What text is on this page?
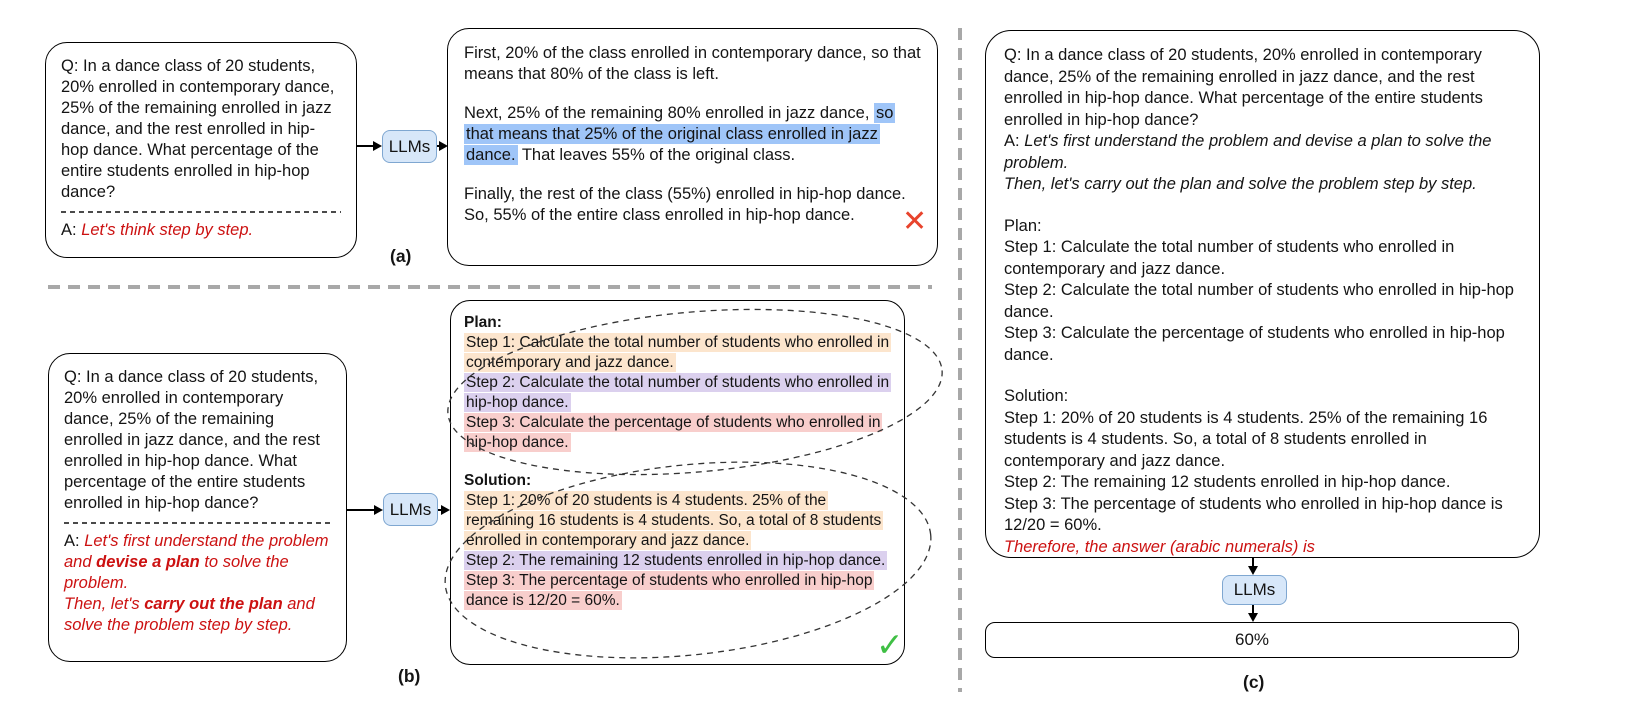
Q: In a dance class of 20 students, 20% enrolled in contemporary dance, 25% of the remaining enrolled in jazz dance, and the rest enrolled in hip-hop dance. What percentage of the entire students enrolled in hip-hop dance?

A: Let's think step by step.

LLMs

First, 20% of the class enrolled in contemporary dance, so that means that 80% of the class is left.

Next, 25% of the remaining 80% enrolled in jazz dance, so that means that 25% of the original class enrolled in jazz dance. That leaves 55% of the original class.

Finally, the rest of the class (55%) enrolled in hip-hop dance. So, 55% of the entire class enrolled in hip-hop dance.	✕
(a)

Q: In a dance class of 20 students, 20% enrolled in contemporary dance, 25% of the remaining enrolled in jazz dance, and the rest enrolled in hip-hop dance. What percentage of the entire students enrolled in hip-hop dance?

A: Let's first understand the problem and devise a plan to solve the problem.

Then, let's carry out the plan and solve the problem step by step.

LLMs

Plan:

Step 1: Calculate the total number of students who enrolled in contemporary and jazz dance.
Step 2: Calculate the total number of students who enrolled in hip-hop dance.
Step 3: Calculate the percentage of students who enrolled in hip-hop dance.

Solution:

Step 1: 20% of 20 students is 4 students. 25% of the remaining 16 students is 4 students. So, a total of 8 students enrolled in contemporary and jazz dance.
Step 2: The remaining 12 students enrolled in hip-hop dance.
Step 3: The percentage of students who enrolled in hip-hop dance is 12/20 = 60%.
✓
(b)

Q: In a dance class of 20 students, 20% enrolled in contemporary dance, 25% of the remaining enrolled in jazz dance, and the rest enrolled in hip-hop dance. What percentage of the entire students enrolled in hip-hop dance?

A: Let's first understand the problem and devise a plan to solve the problem.

Then, let's carry out the plan and solve the problem step by step.

Plan:

Step 1: Calculate the total number of students who enrolled in contemporary and jazz dance.

Step 2: Calculate the total number of students who enrolled in hip-hop dance.

Step 3: Calculate the percentage of students who enrolled in hip-hop dance.

Solution:

Step 1: 20% of 20 students is 4 students. 25% of the remaining 16 students is 4 students. So, a total of 8 students enrolled in contemporary and jazz dance.

Step 2: The remaining 12 students enrolled in hip-hop dance.

Step 3: The percentage of students who enrolled in hip-hop dance is 12/20 = 60%.

Therefore, the answer (arabic numerals) is

LLMs
60%
(c)
